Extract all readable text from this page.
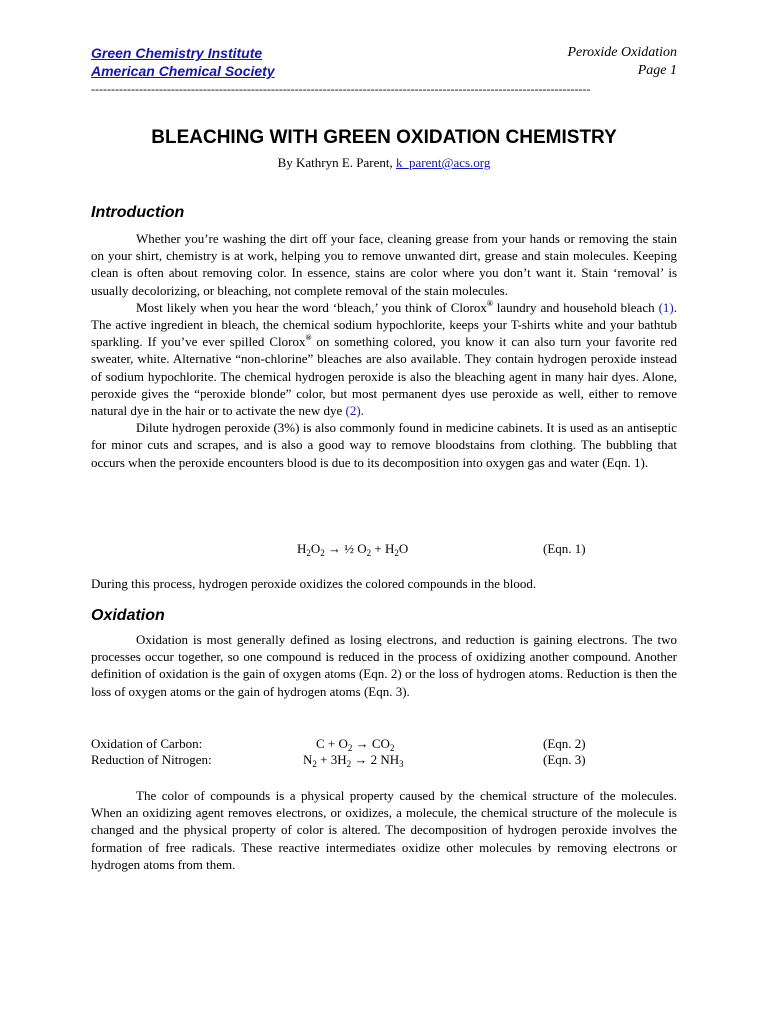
Green Chemistry Institute
American Chemical Society
Peroxide Oxidation
Page 1
-----------------------------------------------------------------------------------------------------------------------------
BLEACHING WITH GREEN OXIDATION CHEMISTRY
By Kathryn E. Parent, k_parent@acs.org
Introduction

Whether you’re washing the dirt off your face, cleaning grease from your hands or removing the stain on your shirt, chemistry is at work, helping you to remove unwanted dirt, grease and stain molecules. Keeping clean is often about removing color. In essence, stains are color where you don’t want it. Stain ‘removal’ is usually decolorizing, or bleaching, not complete removal of the stain molecules.

Most likely when you hear the word ‘bleach,’ you think of Clorox® laundry and household bleach (1). The active ingredient in bleach, the chemical sodium hypochlorite, keeps your T-shirts white and your bathtub sparkling. If you’ve ever spilled Clorox® on something colored, you know it can also turn your favorite red sweater, white. Alternative “non-chlorine” bleaches are also available. They contain hydrogen peroxide instead of sodium hypochlorite. The chemical hydrogen peroxide is also the bleaching agent in many hair dyes. Alone, peroxide gives the “peroxide blonde” color, but most permanent dyes use peroxide as well, either to remove natural dye in the hair or to activate the new dye (2).

Dilute hydrogen peroxide (3%) is also commonly found in medicine cabinets. It is used as an antiseptic for minor cuts and scrapes, and is also a good way to remove bloodstains from clothing. The bubbling that occurs when the peroxide encounters blood is due to its decomposition into oxygen gas and water (Eqn. 1).

$H_2O_2$ → ½ $O_2 + H_2O$	(Eqn. 1)

During this process, hydrogen peroxide oxidizes the colored compounds in the blood.

Oxidation

Oxidation is most generally defined as losing electrons, and reduction is gaining electrons. The two processes occur together, so one compound is reduced in the process of oxidizing another compound. Another definition of oxidation is the gain of oxygen atoms (Eqn. 2) or the loss of hydrogen atoms. Reduction is then the loss of oxygen atoms or the gain of hydrogen atoms (Eqn. 3).

Oxidation of Carbon:	$C + O_2 \to CO_2$	(Eqn. 2)
Reduction of Nitrogen:	$N_2 + 3H_2 \to 2$ $NH_3$	(Eqn. 3)

The color of compounds is a physical property caused by the chemical structure of the molecules. When an oxidizing agent removes electrons, or oxidizes, a molecule, the chemical structure of the molecule is changed and the physical property of color is altered. The decomposition of hydrogen peroxide involves the formation of free radicals. These reactive intermediates oxidize other molecules by removing electrons or hydrogen atoms from them.
